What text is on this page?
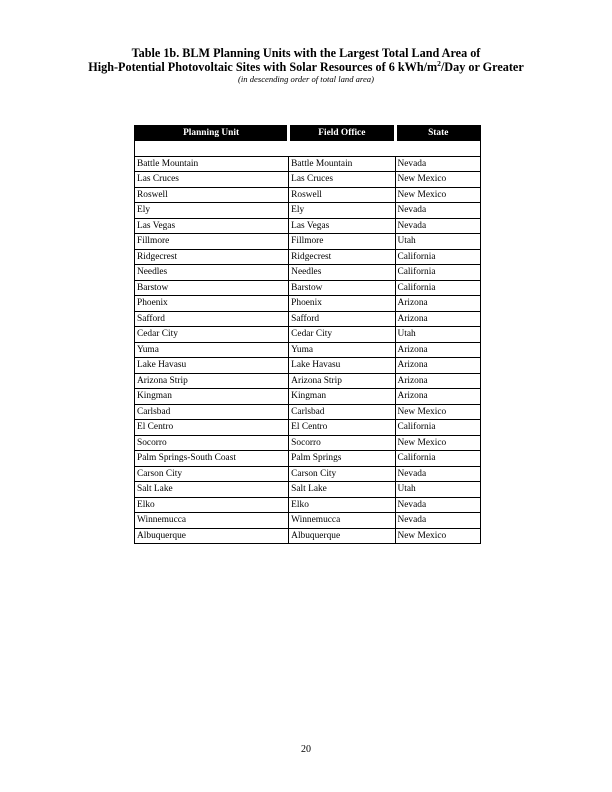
Table 1b. BLM Planning Units with the Largest Total Land Area of
High-Potential Photovoltaic Sites with Solar Resources of 6 kWh/$m^2$/Day or Greater
(in descending order of total land area)
Planning Unit	Field Office	State

Battle Mountain	Battle Mountain	Nevada
Las Cruces	Las Cruces	New Mexico
Roswell	Roswell	New Mexico
Ely	Ely	Nevada
Las Vegas	Las Vegas	Nevada
Fillmore	Fillmore	Utah
Ridgecrest	Ridgecrest	California
Needles	Needles	California
Barstow	Barstow	California
Phoenix	Phoenix	Arizona
Safford	Safford	Arizona
Cedar City	Cedar City	Utah
Yuma	Yuma	Arizona
Lake Havasu	Lake Havasu	Arizona
Arizona Strip	Arizona Strip	Arizona
Kingman	Kingman	Arizona
Carlsbad	Carlsbad	New Mexico
El Centro	El Centro	California
Socorro	Socorro	New Mexico
Palm Springs-South Coast	Palm Springs	California
Carson City	Carson City	Nevada
Salt Lake	Salt Lake	Utah
Elko	Elko	Nevada
Winnemucca	Winnemucca	Nevada
Albuquerque	Albuquerque	New Mexico
20
